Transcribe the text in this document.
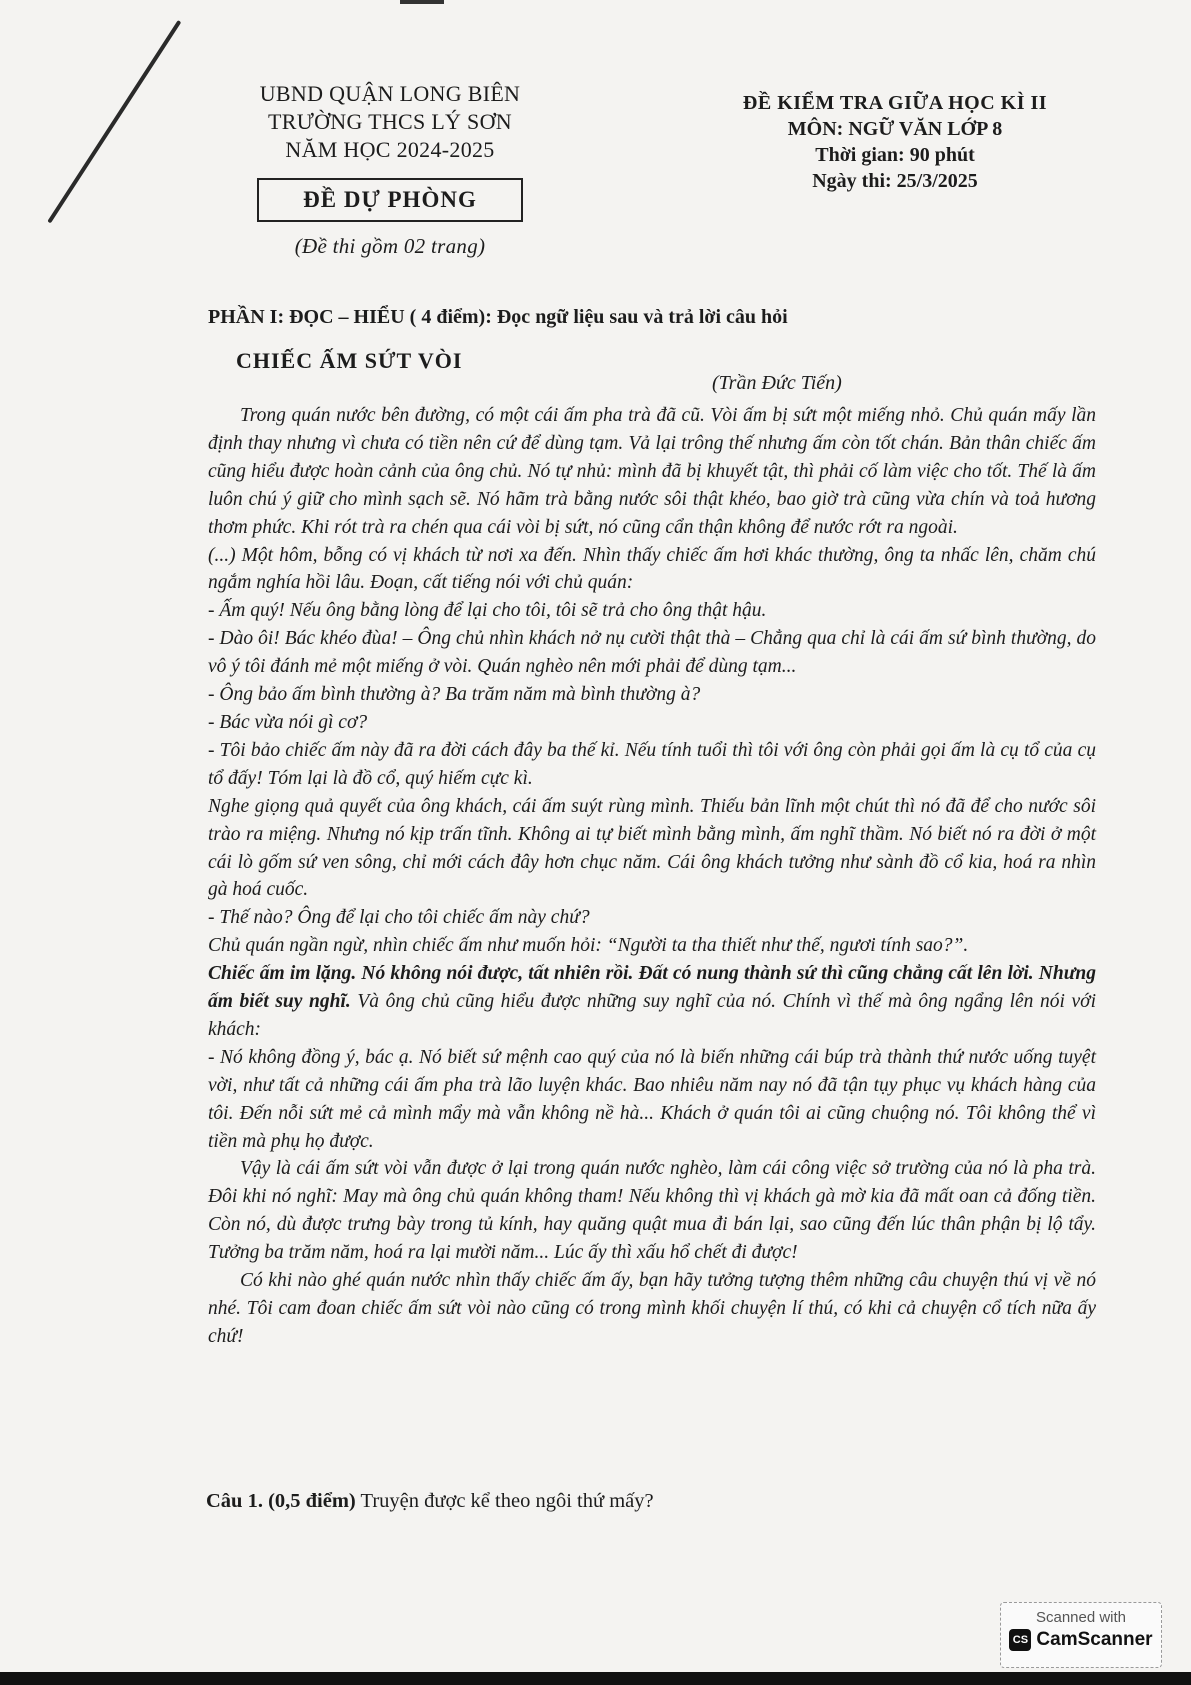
UBND QUẬN LONG BIÊN
TRƯỜNG THCS LÝ SƠN
NĂM HỌC 2024-2025
ĐỀ DỰ PHÒNG
(Đề thi gồm 02 trang)
ĐỀ KIỂM TRA GIỮA HỌC KÌ II
MÔN: NGỮ VĂN LỚP 8
Thời gian: 90 phút
Ngày thi: 25/3/2025
PHẦN I: ĐỌC – HIỂU ( 4 điểm): Đọc ngữ liệu sau và trả lời câu hỏi
CHIẾC ẤM SỨT VÒI
(Trần Đức Tiến)

Trong quán nước bên đường, có một cái ấm pha trà đã cũ. Vòi ấm bị sứt một miếng nhỏ. Chủ quán mấy lần định thay nhưng vì chưa có tiền nên cứ để dùng tạm. Vả lại trông thế nhưng ấm còn tốt chán. Bản thân chiếc ấm cũng hiểu được hoàn cảnh của ông chủ. Nó tự nhủ: mình đã bị khuyết tật, thì phải cố làm việc cho tốt. Thế là ấm luôn chú ý giữ cho mình sạch sẽ. Nó hãm trà bằng nước sôi thật khéo, bao giờ trà cũng vừa chín và toả hương thơm phức. Khi rót trà ra chén qua cái vòi bị sứt, nó cũng cẩn thận không để nước rớt ra ngoài.

(...) Một hôm, bỗng có vị khách từ nơi xa đến. Nhìn thấy chiếc ấm hơi khác thường, ông ta nhấc lên, chăm chú ngắm nghía hồi lâu. Đoạn, cất tiếng nói với chủ quán:

- Ấm quý! Nếu ông bằng lòng để lại cho tôi, tôi sẽ trả cho ông thật hậu.

- Dào ôi! Bác khéo đùa! – Ông chủ nhìn khách nở nụ cười thật thà – Chẳng qua chỉ là cái ấm sứ bình thường, do vô ý tôi đánh mẻ một miếng ở vòi. Quán nghèo nên mới phải để dùng tạm...

- Ông bảo ấm bình thường à? Ba trăm năm mà bình thường à?

- Bác vừa nói gì cơ?

- Tôi bảo chiếc ấm này đã ra đời cách đây ba thế kỉ. Nếu tính tuổi thì tôi với ông còn phải gọi ấm là cụ tổ của cụ tổ đấy! Tóm lại là đồ cổ, quý hiếm cực kì.

Nghe giọng quả quyết của ông khách, cái ấm suýt rùng mình. Thiếu bản lĩnh một chút thì nó đã để cho nước sôi trào ra miệng. Nhưng nó kịp trấn tĩnh. Không ai tự biết mình bằng mình, ấm nghĩ thầm. Nó biết nó ra đời ở một cái lò gốm sứ ven sông, chỉ mới cách đây hơn chục năm. Cái ông khách tưởng như sành đồ cổ kia, hoá ra nhìn gà hoá cuốc.

- Thế nào? Ông để lại cho tôi chiếc ấm này chứ?

Chủ quán ngần ngừ, nhìn chiếc ấm như muốn hỏi: “Người ta tha thiết như thế, ngươi tính sao?”.

Chiếc ấm im lặng. Nó không nói được, tất nhiên rồi. Đất có nung thành sứ thì cũng chẳng cất lên lời. Nhưng ấm biết suy nghĩ. Và ông chủ cũng hiểu được những suy nghĩ của nó. Chính vì thế mà ông ngẩng lên nói với khách:

- Nó không đồng ý, bác ạ. Nó biết sứ mệnh cao quý của nó là biến những cái búp trà thành thứ nước uống tuyệt vời, như tất cả những cái ấm pha trà lão luyện khác. Bao nhiêu năm nay nó đã tận tụy phục vụ khách hàng của tôi. Đến nỗi sứt mẻ cả mình mẩy mà vẫn không nề hà... Khách ở quán tôi ai cũng chuộng nó. Tôi không thể vì tiền mà phụ họ được.

Vậy là cái ấm sứt vòi vẫn được ở lại trong quán nước nghèo, làm cái công việc sở trường của nó là pha trà. Đôi khi nó nghĩ: May mà ông chủ quán không tham! Nếu không thì vị khách gà mờ kia đã mất oan cả đống tiền. Còn nó, dù được trưng bày trong tủ kính, hay quăng quật mua đi bán lại, sao cũng đến lúc thân phận bị lộ tẩy. Tưởng ba trăm năm, hoá ra lại mười năm... Lúc ấy thì xấu hổ chết đi được!

Có khi nào ghé quán nước nhìn thấy chiếc ấm ấy, bạn hãy tưởng tượng thêm những câu chuyện thú vị về nó nhé. Tôi cam đoan chiếc ấm sứt vòi nào cũng có trong mình khối chuyện lí thú, có khi cả chuyện cổ tích nữa ấy chứ!

Câu 1. (0,5 điểm) Truyện được kể theo ngôi thứ mấy?
Scanned with
CS CamScanner
